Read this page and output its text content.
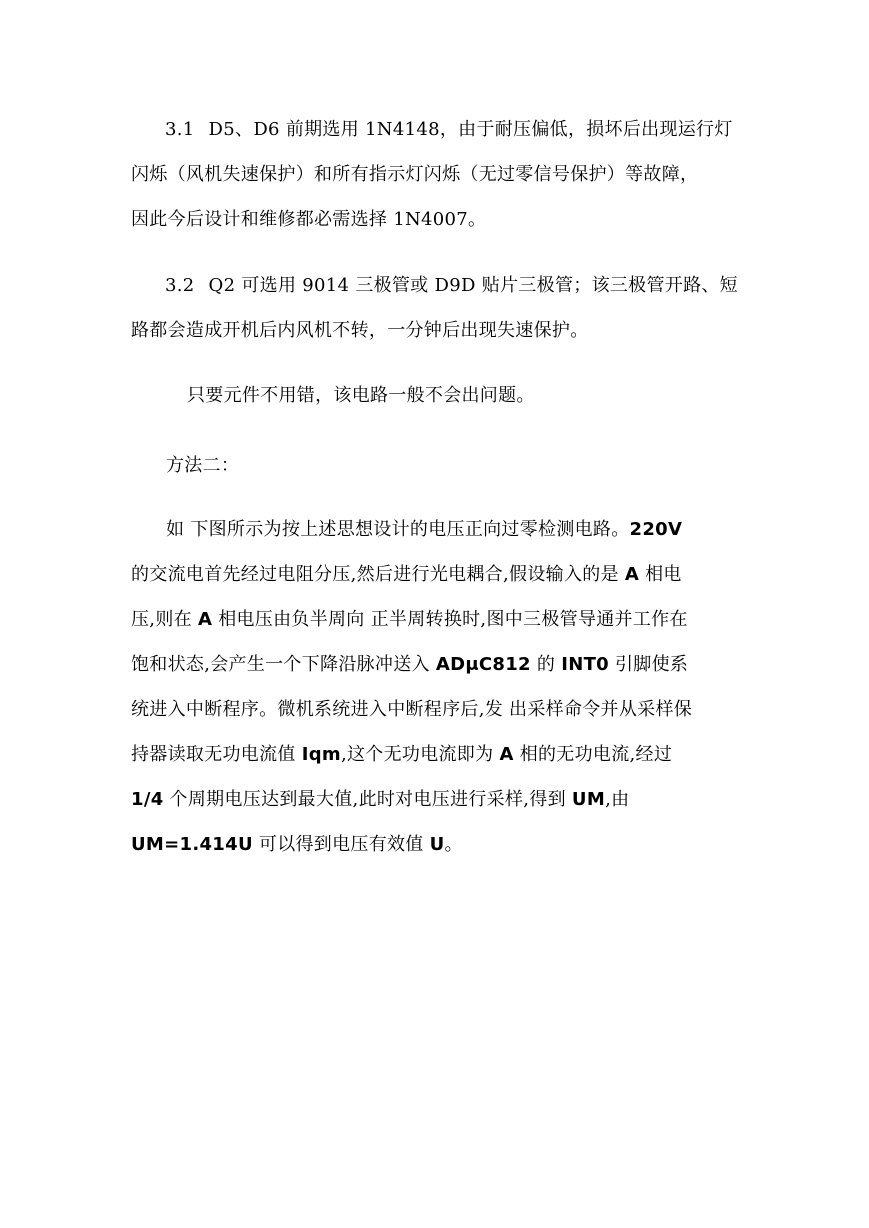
3.1 D5、D6 前期选用 1N4148，由于耐压偏低，损坏后出现运行灯
闪烁（风机失速保护）和所有指示灯闪烁（无过零信号保护）等故障，
因此今后设计和维修都必需选择 1N4007。
3.2 Q2 可选用 9014 三极管或 D9D 贴片三极管；该三极管开路、短
路都会造成开机后内风机不转，一分钟后出现失速保护。
只要元件不用错，该电路一般不会出问题。
方法二：
如 下图所示为按上述思想设计的电压正向过零检测电路。220V
的交流电首先经过电阻分压,然后进行光电耦合,假设输入的是 A 相电
压,则在 A 相电压由负半周向 正半周转换时,图中三极管导通并工作在
饱和状态,会产生一个下降沿脉冲送入 ADμC812 的 INT0 引脚使系
统进入中断程序。微机系统进入中断程序后,发 出采样命令并从采样保
持器读取无功电流值 Iqm,这个无功电流即为 A 相的无功电流,经过
1/4 个周期电压达到最大值,此时对电压进行采样,得到 UM,由
UM=1.414U 可以得到电压有效值 U。
